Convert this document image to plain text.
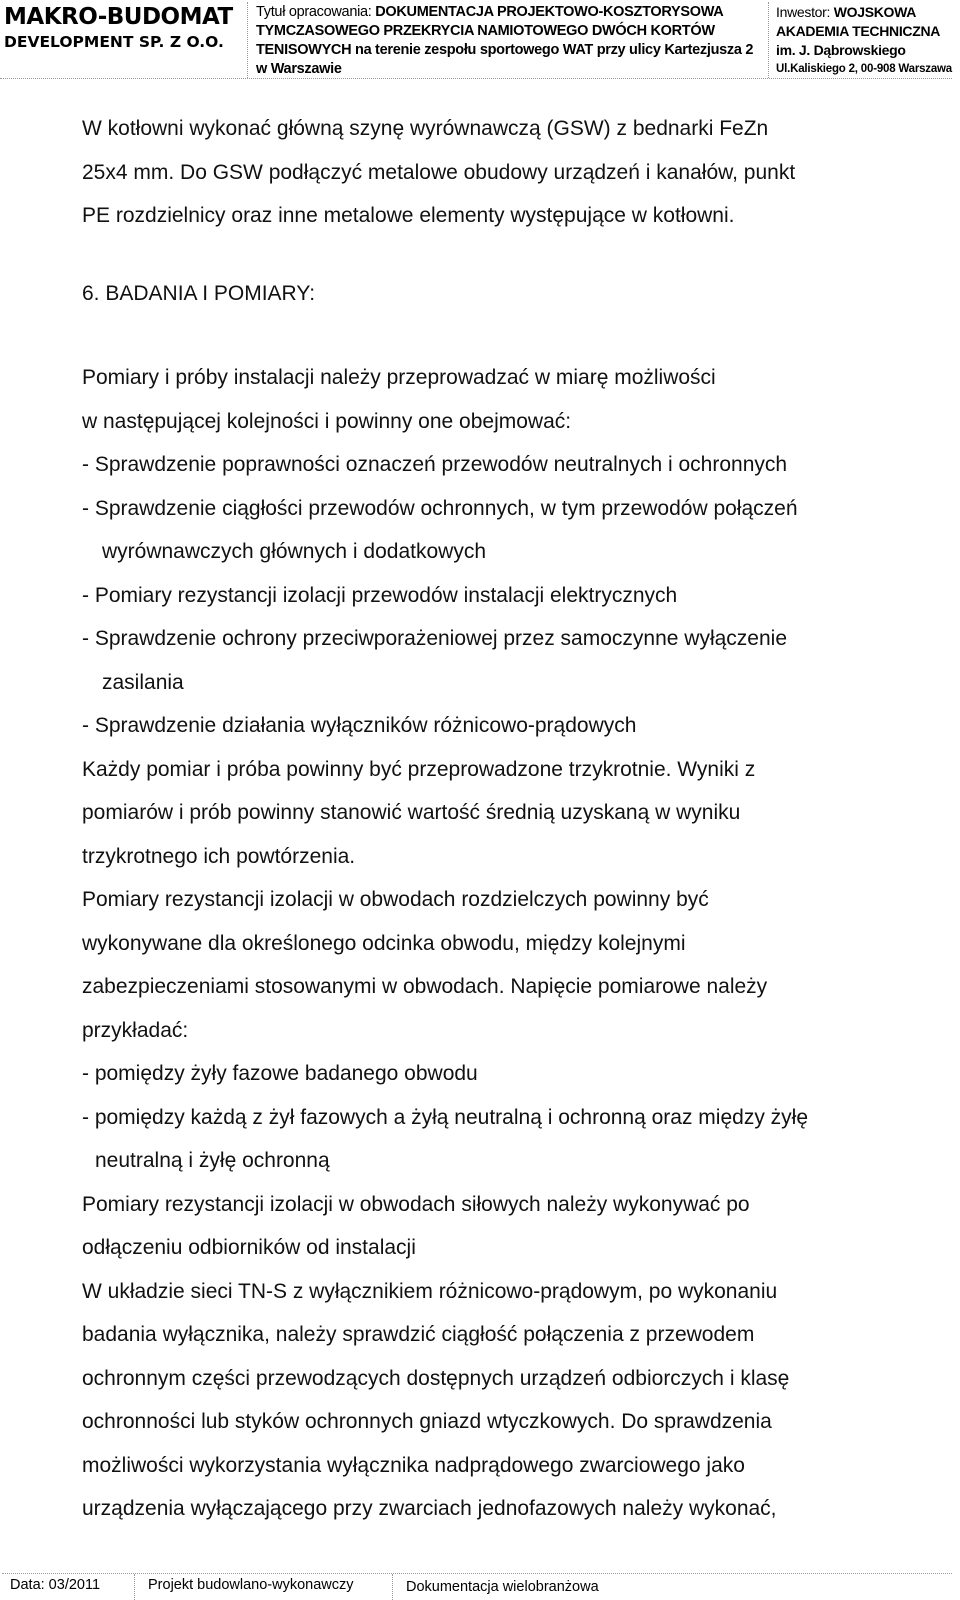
MAKRO-BUDOMAT
DEVELOPMENT SP. Z O.O.
Tytuł opracowania: DOKUMENTACJA PROJEKTOWO-KOSZTORYSOWA
TYMCZASOWEGO PRZEKRYCIA NAMIOTOWEGO DWÓCH KORTÓW
TENISOWYCH na terenie zespołu sportowego WAT przy ulicy Kartezjusza 2
w Warszawie
Inwestor: WOJSKOWA
AKADEMIA TECHNICZNA
im. J. Dąbrowskiego
Ul.Kaliskiego 2, 00-908 Warszawa

W kotłowni wykonać główną szynę wyrównawczą (GSW) z bednarki FeZn

25x4 mm. Do GSW podłączyć metalowe obudowy urządzeń i kanałów, punkt

PE rozdzielnicy oraz inne metalowe elementy występujące w kotłowni.

6. BADANIA I POMIARY:

Pomiary i próby instalacji należy przeprowadzać w miarę możliwości

w następującej kolejności i powinny one obejmować:

- Sprawdzenie poprawności oznaczeń przewodów neutralnych i ochronnych

- Sprawdzenie ciągłości przewodów ochronnych, w tym przewodów połączeń

wyrównawczych głównych i dodatkowych

- Pomiary rezystancji izolacji przewodów instalacji elektrycznych

- Sprawdzenie ochrony przeciwporażeniowej przez samoczynne wyłączenie

zasilania

- Sprawdzenie działania wyłączników różnicowo-prądowych

Każdy pomiar i próba powinny być przeprowadzone trzykrotnie. Wyniki z

pomiarów i prób powinny stanowić wartość średnią uzyskaną w wyniku

trzykrotnego ich powtórzenia.

Pomiary rezystancji izolacji w obwodach rozdzielczych powinny być

wykonywane dla określonego odcinka obwodu, między kolejnymi

zabezpieczeniami stosowanymi w obwodach. Napięcie pomiarowe należy

przykładać:

- pomiędzy żyły fazowe badanego obwodu

- pomiędzy każdą z żył fazowych a żyłą neutralną i ochronną oraz między żyłę

neutralną i żyłę ochronną

Pomiary rezystancji izolacji w obwodach siłowych należy wykonywać po

odłączeniu odbiorników od instalacji

W układzie sieci TN-S z wyłącznikiem różnicowo-prądowym, po wykonaniu

badania wyłącznika, należy sprawdzić ciągłość połączenia z przewodem

ochronnym części przewodzących dostępnych urządzeń odbiorczych i klasę

ochronności lub styków ochronnych gniazd wtyczkowych. Do sprawdzenia

możliwości wykorzystania wyłącznika nadprądowego zwarciowego jako

urządzenia wyłączającego przy zwarciach jednofazowych należy wykonać,

Data: 03/2011	Projekt budowlano-wykonawczy	Dokumentacja wielobranżowa
